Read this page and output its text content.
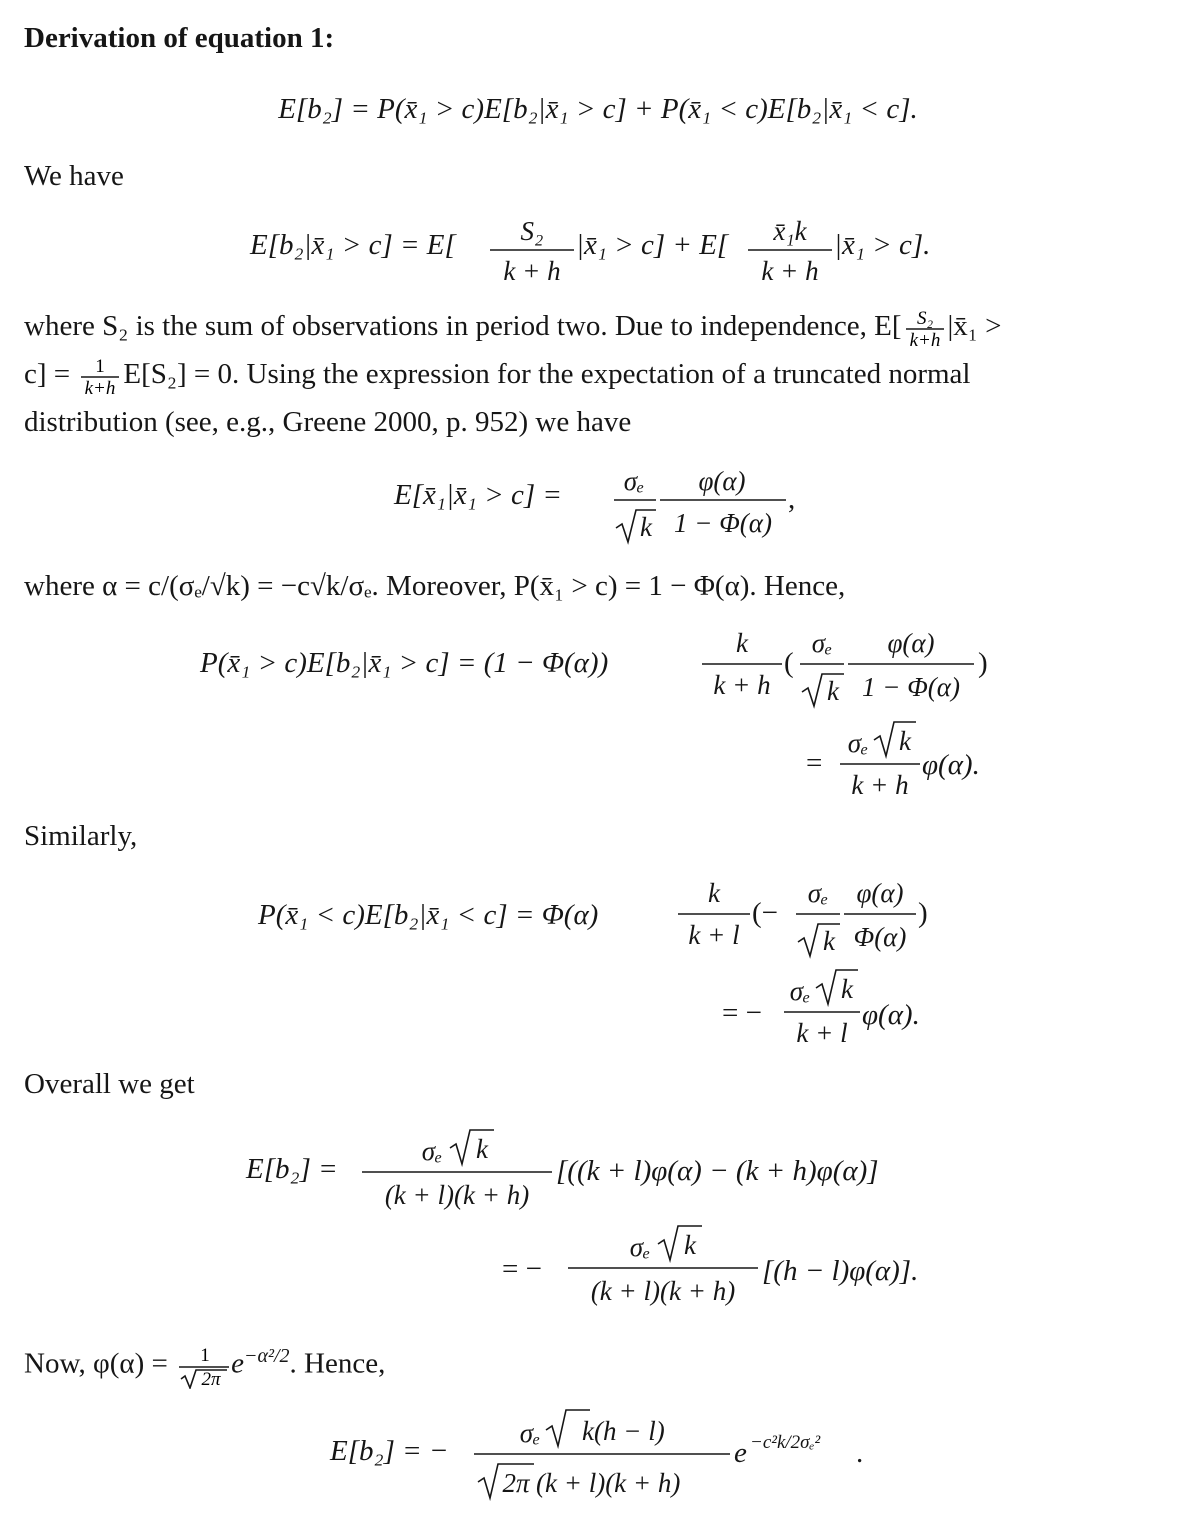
Derivation of equation 1:
E[b₂] = P(x̄₁ > c)E[b₂|x̄₁ > c] + P(x̄₁ < c)E[b₂|x̄₁ < c].
We have
E[b₂|x̄₁ > c] = E[ S₂
k + h
|x̄₁ > c] + E[ x̄₁k
k + h
|x̄₁ > c].
where S₂ is the sum of observations in period two. Due to independence, E[ S₂
k+h |x̄₁ >
c] = 1
k+h E[S₂] = 0. Using the expression for the expectation of a truncated normal
distribution (see, e.g., Greene 2000, p. 952) we have
E[x̄₁|x̄₁ > c] = σₑ
k
φ(α)
1 − Φ(α)
,
where α = c/(σₑ/√k) = −c√k/σₑ. Moreover, P(x̄₁ > c) = 1 − Φ(α). Hence,
P(x̄₁ > c)E[b₂|x̄₁ > c] = (1 − Φ(α))
k
k + h
(
σₑ
k
φ(α)
1 − Φ(α)
)
=
σₑ k
k + h
φ(α).
Similarly,
P(x̄₁ < c)E[b₂|x̄₁ < c] = Φ(α)
k
k + l
(−
σₑ
k
φ(α)
Φ(α)
)
= −
σₑ k
k + l
φ(α).
Overall we get
E[b₂] =
σₑ k
(k + l)(k + h)
[((k + l)φ(α) − (k + h)φ(α)]
= −
σₑ k
(k + l)(k + h)
[(h − l)φ(α)].
Now, φ(α) = 1
2π $e^{-\alpha^2/2}$. Hence,
E[b₂] = −
σₑ k(h − l)
2π (k + l)(k + h)
e −c²k/2σₑ² .
